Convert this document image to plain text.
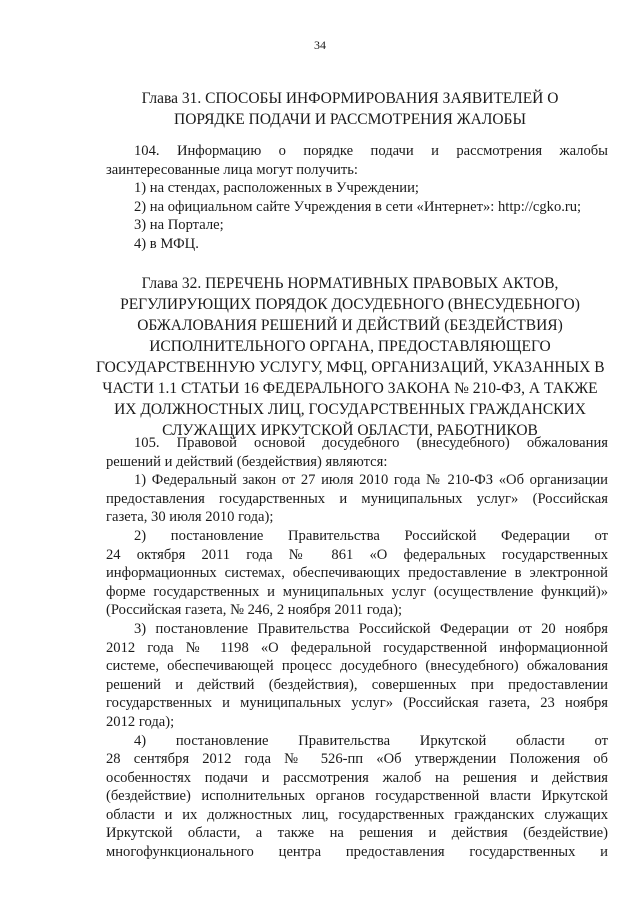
34
Глава 31. СПОСОБЫ ИНФОРМИРОВАНИЯ ЗАЯВИТЕЛЕЙ О
ПОРЯДКЕ ПОДАЧИ И РАССМОТРЕНИЯ ЖАЛОБЫ
104. Информацию о порядке подачи и рассмотрения жалобы
заинтересованные лица могут получить:
1) на стендах, расположенных в Учреждении;
2) на официальном сайте Учреждения в сети «Интернет»: http://cgko.ru;
3) на Портале;
4) в МФЦ.
Глава 32. ПЕРЕЧЕНЬ НОРМАТИВНЫХ ПРАВОВЫХ АКТОВ,
РЕГУЛИРУЮЩИХ ПОРЯДОК ДОСУДЕБНОГО (ВНЕСУДЕБНОГО)
ОБЖАЛОВАНИЯ РЕШЕНИЙ И ДЕЙСТВИЙ (БЕЗДЕЙСТВИЯ)
ИСПОЛНИТЕЛЬНОГО ОРГАНА, ПРЕДОСТАВЛЯЮЩЕГО
ГОСУДАРСТВЕННУЮ УСЛУГУ, МФЦ, ОРГАНИЗАЦИЙ, УКАЗАННЫХ В
ЧАСТИ 1.1 СТАТЬИ 16 ФЕДЕРАЛЬНОГО ЗАКОНА № 210-ФЗ, А ТАКЖЕ
ИХ ДОЛЖНОСТНЫХ ЛИЦ, ГОСУДАРСТВЕННЫХ ГРАЖДАНСКИХ
СЛУЖАЩИХ ИРКУТСКОЙ ОБЛАСТИ, РАБОТНИКОВ
105. Правовой основой досудебного (внесудебного) обжалования
решений и действий (бездействия) являются:
1) Федеральный закон от 27 июля 2010 года № 210-ФЗ «Об организации
предоставления государственных и муниципальных услуг» (Российская
газета, 30 июля 2010 года);
2) постановление Правительства Российской Федерации от
24 октября 2011 года № 861 «О федеральных государственных
информационных системах, обеспечивающих предоставление в электронной
форме государственных и муниципальных услуг (осуществление функций)»
(Российская газета, № 246, 2 ноября 2011 года);
3) постановление Правительства Российской Федерации от 20 ноября
2012 года № 1198 «О федеральной государственной информационной
системе, обеспечивающей процесс досудебного (внесудебного) обжалования
решений и действий (бездействия), совершенных при предоставлении
государственных и муниципальных услуг» (Российская газета, 23 ноября
2012 года);
4) постановление Правительства Иркутской области от
28 сентября 2012 года № 526-пп «Об утверждении Положения об
особенностях подачи и рассмотрения жалоб на решения и действия
(бездействие) исполнительных органов государственной власти Иркутской
области и их должностных лиц, государственных гражданских служащих
Иркутской области, а также на решения и действия (бездействие)
многофункционального центра предоставления государственных и
